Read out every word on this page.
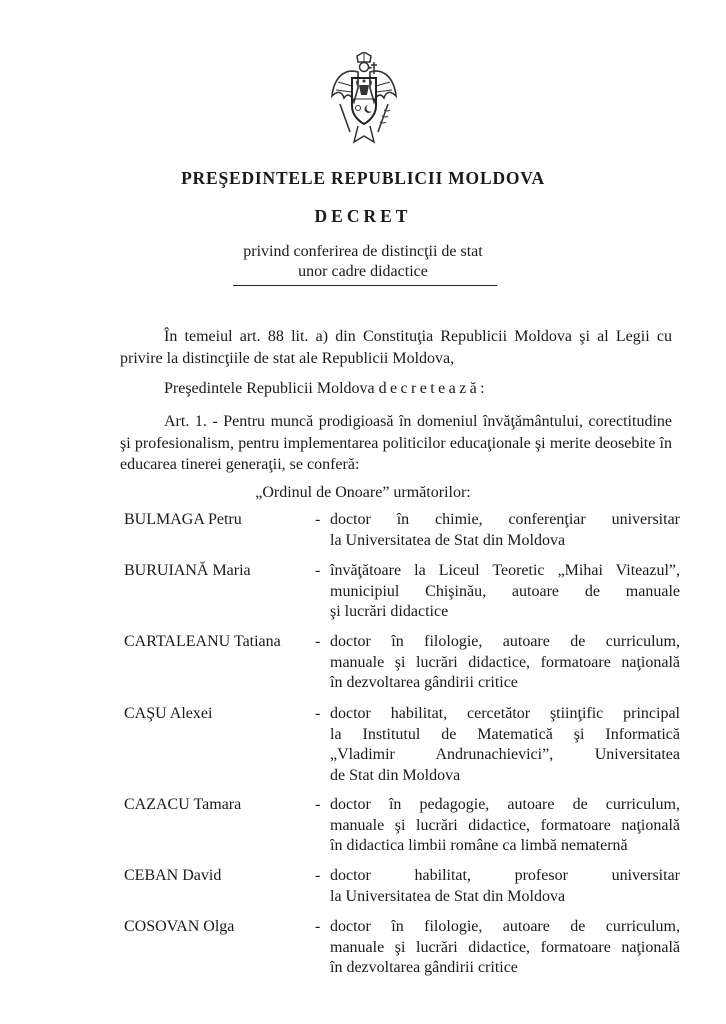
PREŞEDINTELE REPUBLICII MOLDOVA
DECRET
privind conferirea de distincţii de stat
unor cadre didactice
În temeiul art. 88 lit. a) din Constituţia Republicii Moldova şi al Legii cu privire la distincţiile de stat ale Republicii Moldova,
Preşedintele Republicii Moldova decretează:
Art. 1. - Pentru muncă prodigioasă în domeniul învăţământului, corectitudine şi profesionalism, pentru implementarea politicilor educaţionale şi merite deosebite în educarea tinerei generaţii, se conferă:
„Ordinul de Onoare” următorilor:
BULMAGA Petru	- doctor în chimie, conferenţiar universitar
la Universitatea de Stat din Moldova
BURUIANĂ Maria	- învăţătoare la Liceul Teoretic „Mihai Viteazul”,
municipiul Chişinău, autoare de manuale
şi lucrări didactice
CARTALEANU Tatiana - doctor în filologie, autoare de curriculum,
manuale şi lucrări didactice, formatoare naţională
în dezvoltarea gândirii critice
CAŞU Alexei	- doctor habilitat, cercetător ştiinţific principal
la Institutul de Matematică şi Informatică
„Vladimir Andrunachievici”, Universitatea
de Stat din Moldova
CAZACU Tamara	- doctor în pedagogie, autoare de curriculum,
manuale şi lucrări didactice, formatoare naţională
în didactica limbii române ca limbă nematernă
CEBAN David	- doctor habilitat, profesor universitar
la Universitatea de Stat din Moldova
COSOVAN Olga	- doctor în filologie, autoare de curriculum,
manuale şi lucrări didactice, formatoare naţională
în dezvoltarea gândirii critice
